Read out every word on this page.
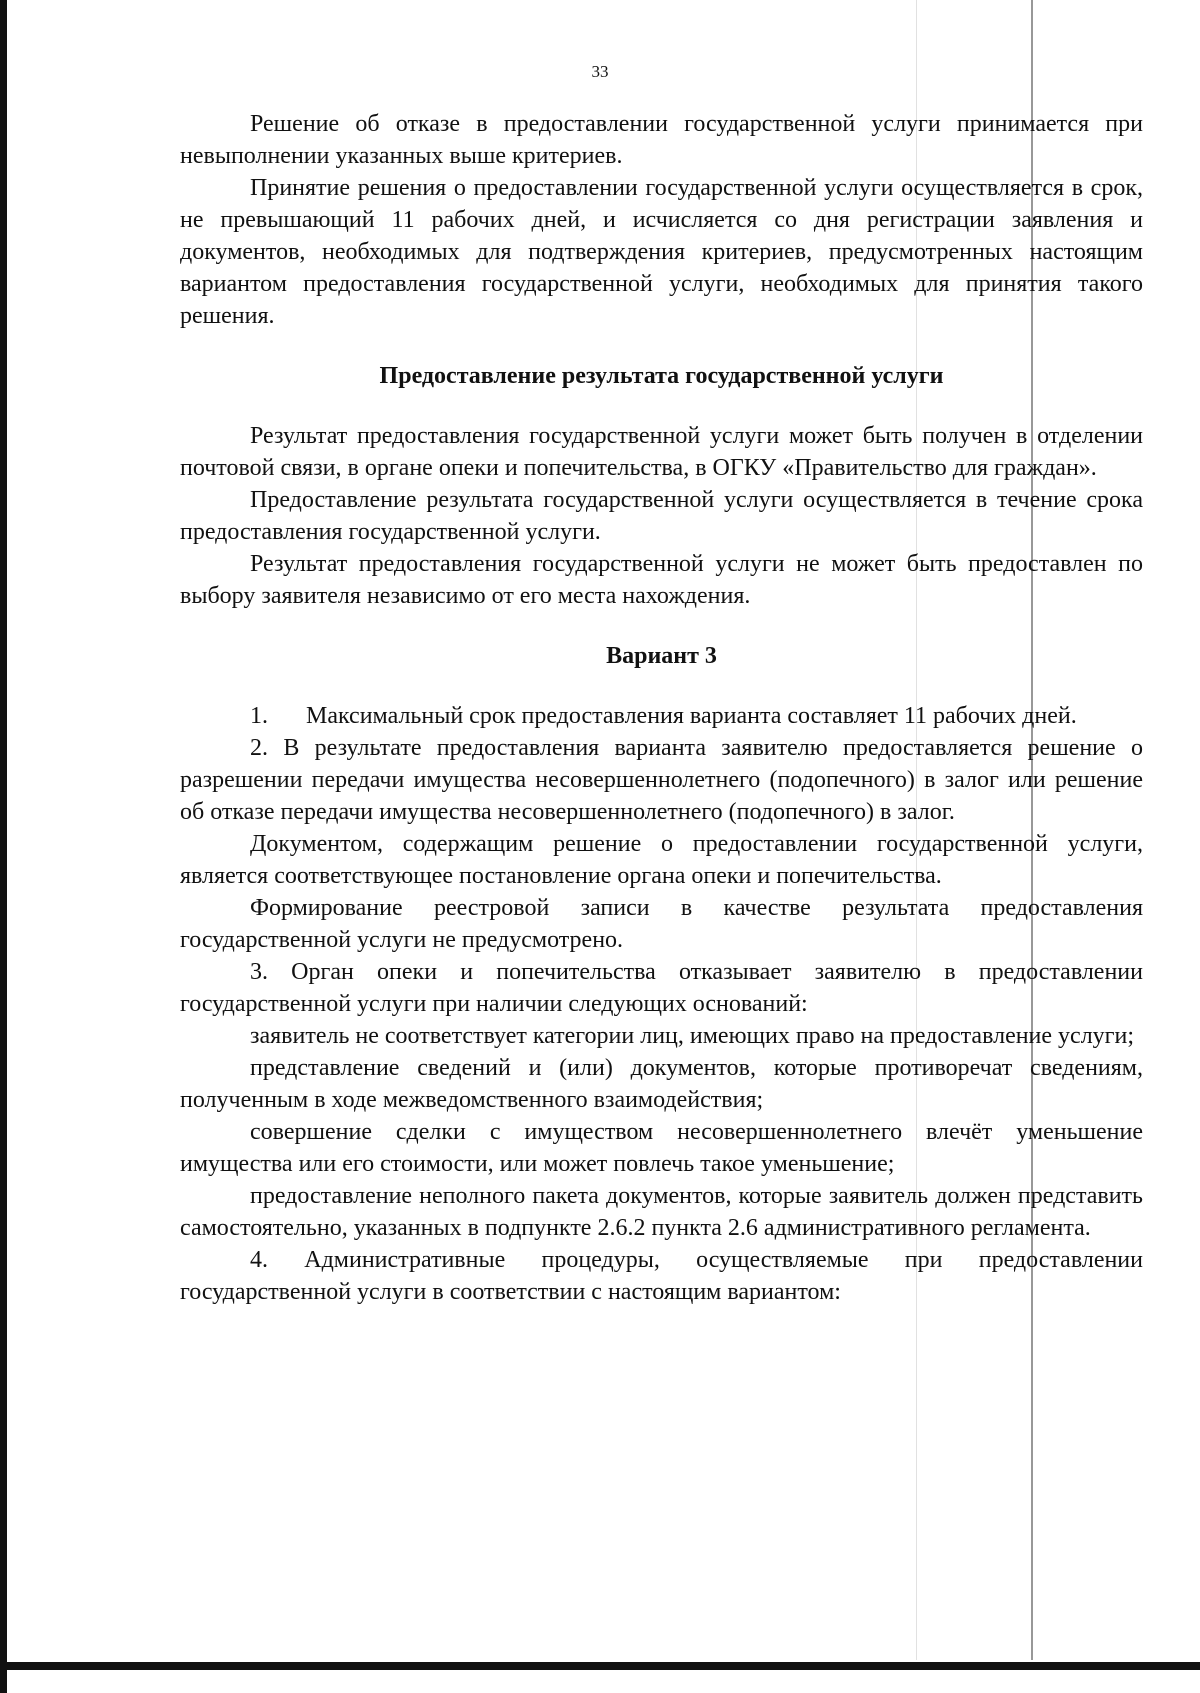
33

Решение об отказе в предоставлении государственной услуги принимается при невыполнении указанных выше критериев.

Принятие решения о предоставлении государственной услуги осуществляется в срок, не превышающий 11 рабочих дней, и исчисляется со дня регистрации заявления и документов, необходимых для подтверждения критериев, предусмотренных настоящим вариантом предоставления государственной услуги, необходимых для принятия такого решения.

Предоставление результата государственной услуги

Результат предоставления государственной услуги может быть получен в отделении почтовой связи, в органе опеки и попечительства, в ОГКУ «Правительство для граждан».

Предоставление результата государственной услуги осуществляется в течение срока предоставления государственной услуги.

Результат предоставления государственной услуги не может быть предоставлен по выбору заявителя независимо от его места нахождения.

Вариант 3

1. Максимальный срок предоставления варианта составляет 11 рабочих дней.

2. В результате предоставления варианта заявителю предоставляется решение о разрешении передачи имущества несовершеннолетнего (подопечного) в залог или решение об отказе передачи имущества несовершеннолетнего (подопечного) в залог.

Документом, содержащим решение о предоставлении государственной услуги, является соответствующее постановление органа опеки и попечительства.

Формирование реестровой записи в качестве результата предоставления государственной услуги не предусмотрено.

3. Орган опеки и попечительства отказывает заявителю в предоставлении государственной услуги при наличии следующих оснований:

заявитель не соответствует категории лиц, имеющих право на предоставление услуги;

представление сведений и (или) документов, которые противоречат сведениям, полученным в ходе межведомственного взаимодействия;

совершение сделки с имуществом несовершеннолетнего влечёт уменьшение имущества или его стоимости, или может повлечь такое уменьшение;

предоставление неполного пакета документов, которые заявитель должен представить самостоятельно, указанных в подпункте 2.6.2 пункта 2.6 административного регламента.

4. Административные процедуры, осуществляемые при предоставлении государственной услуги в соответствии с настоящим вариантом:
